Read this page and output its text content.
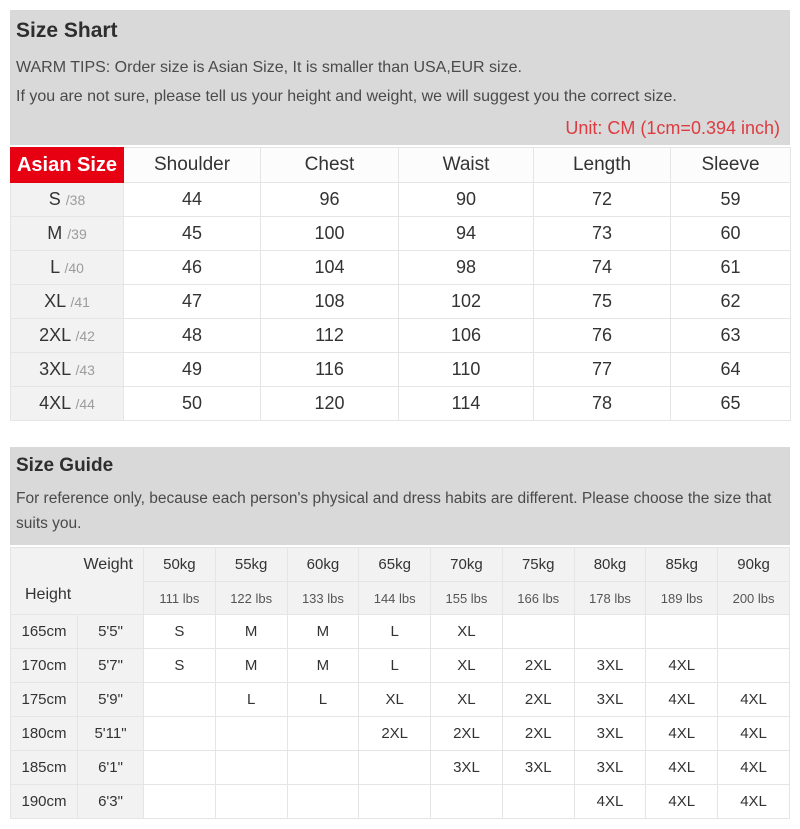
Size Shart

WARM TIPS: Order size is Asian Size, It is smaller than USA,EUR size.

If you are not sure, please tell us your height and weight, we will suggest you the correct size.

Unit: CM (1cm=0.394 inch)

Asian Size	Shoulder	Chest	Waist	Length	Sleeve
S /38	44	96	90	72	59
M /39	45	100	94	73	60
L /40	46	104	98	74	61
XL /41	47	108	102	75	62
2XL /42	48	112	106	76	63
3XL /43	49	116	110	77	64
4XL /44	50	120	114	78	65

Size Guide

For reference only, because each person's physical and dress habits are different. Please choose the size that suits you.

Weight
Height		50kg	55kg	60kg	65kg	70kg	75kg	80kg	85kg	90kg
		111 lbs	122 lbs	133 lbs	144 lbs	155 lbs	166 lbs	178 lbs	189 lbs	200 lbs
165cm	5'5"	S	M	M	L	XL				
170cm	5'7"	S	M	M	L	XL	2XL	3XL	4XL	
175cm	5'9"		L	L	XL	XL	2XL	3XL	4XL	4XL
180cm	5'11"				2XL	2XL	2XL	3XL	4XL	4XL
185cm	6'1"					3XL	3XL	3XL	4XL	4XL
190cm	6'3"							4XL	4XL	4XL
